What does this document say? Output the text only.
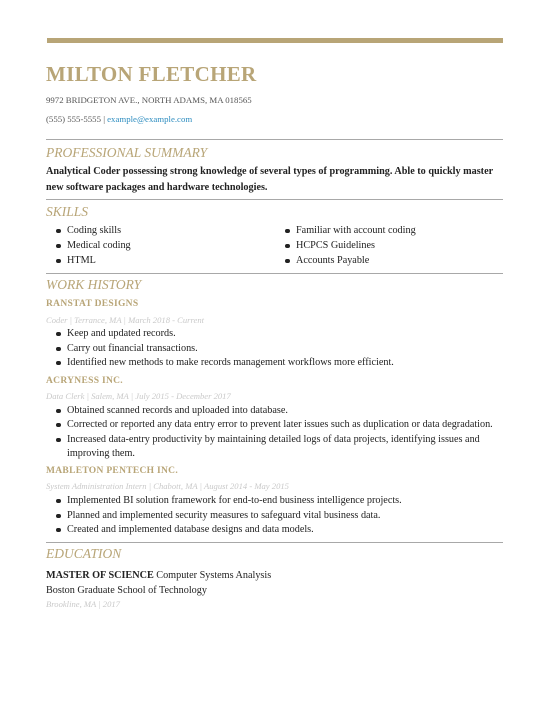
MILTON FLETCHER
9972 BRIDGETON AVE., NORTH ADAMS, MA 018565
(555) 555-5555 | example@example.com
PROFESSIONAL SUMMARY
Analytical Coder possessing strong knowledge of several types of programming. Able to quickly master new software packages and hardware technologies.
SKILLS
Coding skills
Medical coding
HTML
Familiar with account coding
HCPCS Guidelines
Accounts Payable
WORK HISTORY
RANSTAT DESIGNS
Coder | Terrance, MA | March 2018 - Current
Keep and updated records.
Carry out financial transactions.
Identified new methods to make records management workflows more efficient.
ACRYNESS INC.
Data Clerk | Salem, MA | July 2015 - December 2017
Obtained scanned records and uploaded into database.
Corrected or reported any data entry error to prevent later issues such as duplication or data degradation.
Increased data-entry productivity by maintaining detailed logs of data projects, identifying issues and improving them.
MABLETON PENTECH INC.
System Administration Intern | Chabott, MA | August 2014 - May 2015
Implemented BI solution framework for end-to-end business intelligence projects.
Planned and implemented security measures to safeguard vital business data.
Created and implemented database designs and data models.
EDUCATION
MASTER OF SCIENCE Computer Systems Analysis
Boston Graduate School of Technology
Brookline, MA | 2017
